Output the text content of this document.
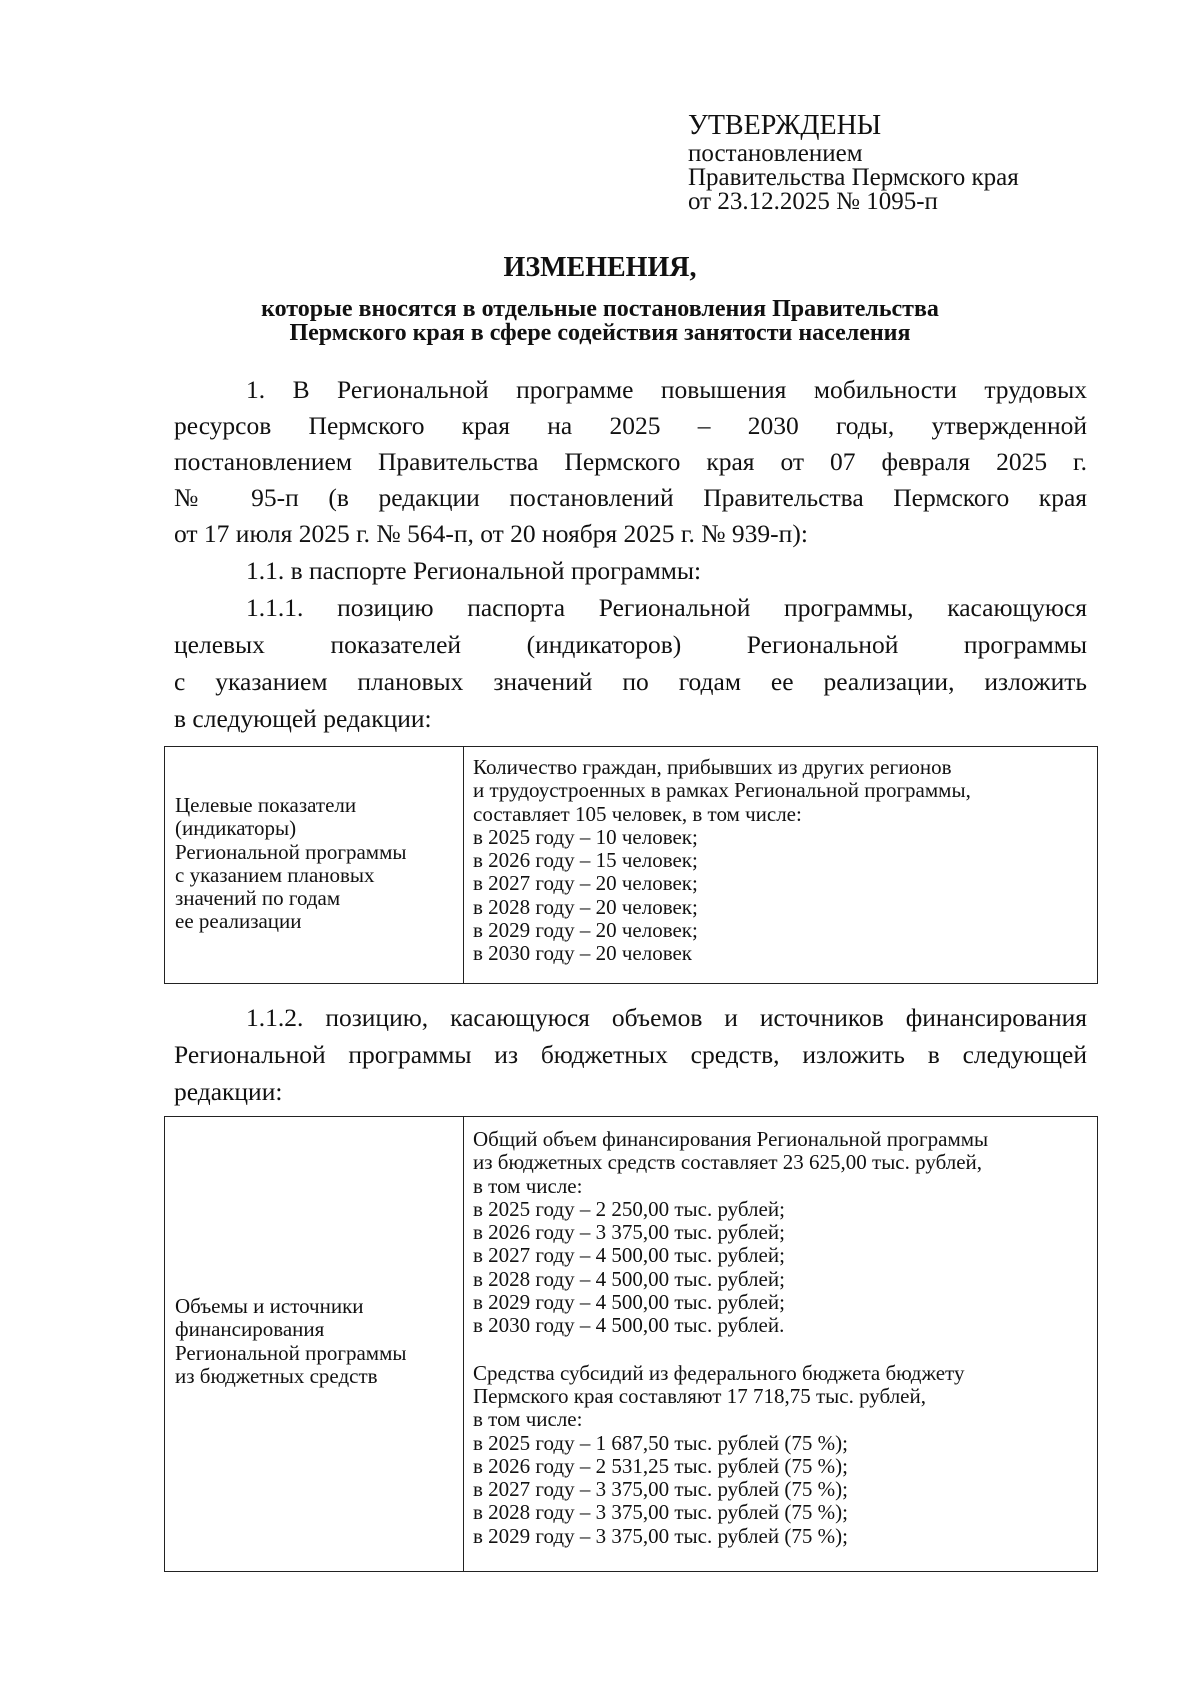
УТВЕРЖДЕНЫ
постановлением
Правительства Пермского края
от 23.12.2025 № 1095-п
ИЗМЕНЕНИЯ,
которые вносятся в отдельные постановления Правительства
Пермского края в сфере содействия занятости населения
1. В Региональной программе повышения мобильности трудовых
ресурсов Пермского края на 2025 – 2030 годы, утвержденной
постановлением Правительства Пермского края от 07 февраля 2025 г.
№ 95-п (в редакции постановлений Правительства Пермского края
от 17 июля 2025 г. № 564-п, от 20 ноября 2025 г. № 939-п):
1.1. в паспорте Региональной программы:
1.1.1. позицию паспорта Региональной программы, касающуюся
целевых показателей (индикаторов) Региональной программы
с указанием плановых значений по годам ее реализации, изложить
в следующей редакции:
Целевые показатели
(индикаторы)
Региональной программы
с указанием плановых
значений по годам
ее реализации
Количество граждан, прибывших из других регионов
и трудоустроенных в рамках Региональной программы,
составляет 105 человек, в том числе:
в 2025 году – 10 человек;
в 2026 году – 15 человек;
в 2027 году – 20 человек;
в 2028 году – 20 человек;
в 2029 году – 20 человек;
в 2030 году – 20 человек
1.1.2. позицию, касающуюся объемов и источников финансирования
Региональной программы из бюджетных средств, изложить в следующей
редакции:
Объемы и источники
финансирования
Региональной программы
из бюджетных средств
Общий объем финансирования Региональной программы
из бюджетных средств составляет 23 625,00 тыс. рублей,
в том числе:
в 2025 году – 2 250,00 тыс. рублей;
в 2026 году – 3 375,00 тыс. рублей;
в 2027 году – 4 500,00 тыс. рублей;
в 2028 году – 4 500,00 тыс. рублей;
в 2029 году – 4 500,00 тыс. рублей;
в 2030 году – 4 500,00 тыс. рублей.
Средства субсидий из федерального бюджета бюджету
Пермского края составляют 17 718,75 тыс. рублей,
в том числе:
в 2025 году – 1 687,50 тыс. рублей (75 %);
в 2026 году – 2 531,25 тыс. рублей (75 %);
в 2027 году – 3 375,00 тыс. рублей (75 %);
в 2028 году – 3 375,00 тыс. рублей (75 %);
в 2029 году – 3 375,00 тыс. рублей (75 %);
